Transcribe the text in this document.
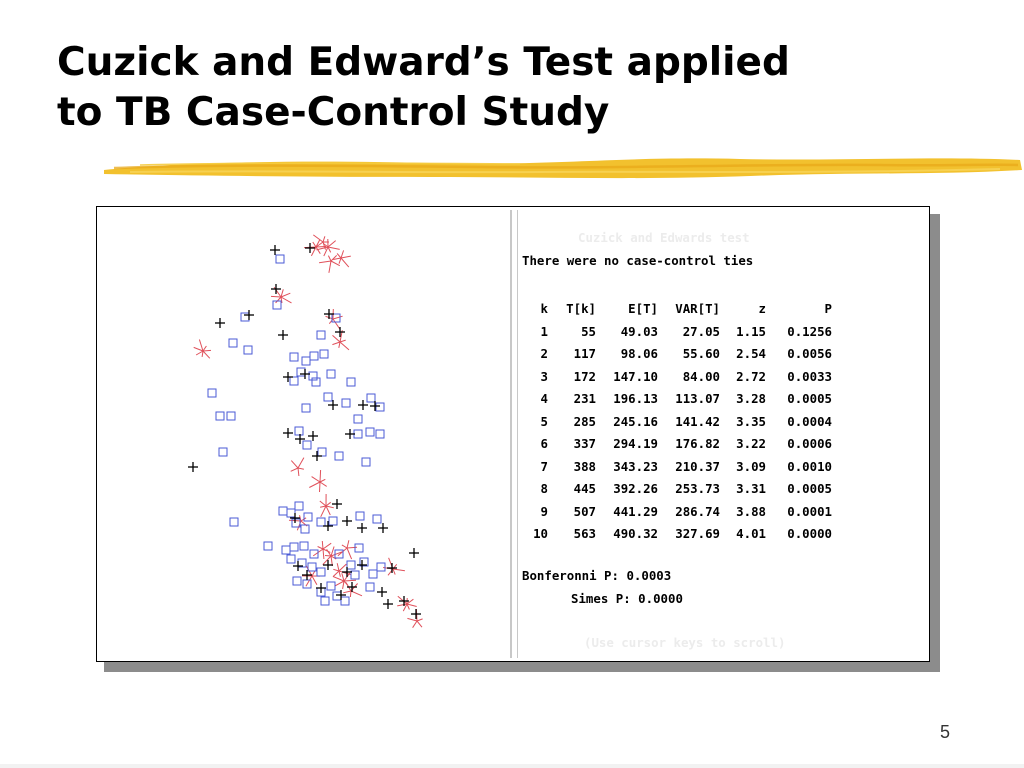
Cuzick and Edward’s Test applied
to TB Case-Control Study
Cuzick and Edwards test
There were no case-control ties
k	T[k]	E[T]	VAR[T]	z	P
1	55	49.03	27.05	1.15	0.1256
2	117	98.06	55.60	2.54	0.0056
3	172	147.10	84.00	2.72	0.0033
4	231	196.13	113.07	3.28	0.0005
5	285	245.16	141.42	3.35	0.0004
6	337	294.19	176.82	3.22	0.0006
7	388	343.23	210.37	3.09	0.0010
8	445	392.26	253.73	3.31	0.0005
9	507	441.29	286.74	3.88	0.0001
10	563	490.32	327.69	4.01	0.0000
Bonferonni P: 0.0003
Simes P: 0.0000
(Use cursor keys to scroll)
5
